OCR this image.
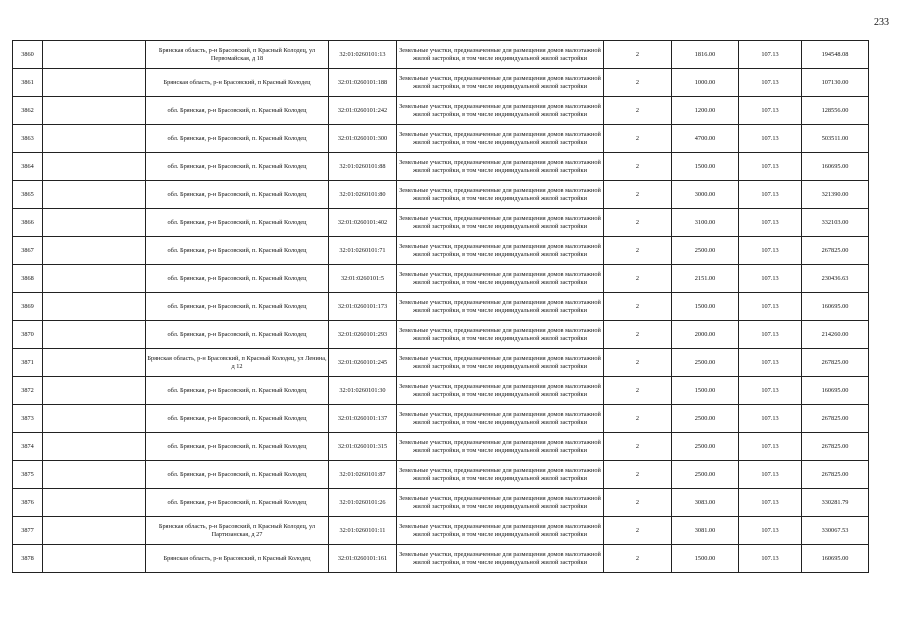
233
3860		Брянская область, р-н Брасовский, п Красный Колодец, ул Первомайская, д 18	32:01:0260101:13	Земельные участки, предназначенные для размещения домов малоэтажной жилой застройки, в том числе индивидуальной жилой застройки	2	1816.00	107.13	194548.08
3861		Брянская область, р-н Брасовский, п Красный Колодец	32:01:0260101:188	Земельные участки, предназначенные для размещения домов малоэтажной жилой застройки, в том числе индивидуальной жилой застройки	2	1000.00	107.13	107130.00
3862		обл. Брянская, р-н Брасовский, п. Красный Колодец	32:01:0260101:242	Земельные участки, предназначенные для размещения домов малоэтажной жилой застройки, в том числе индивидуальной жилой застройки	2	1200.00	107.13	128556.00
3863		обл. Брянская, р-н Брасовский, п. Красный Колодец	32:01:0260101:300	Земельные участки, предназначенные для размещения домов малоэтажной жилой застройки, в том числе индивидуальной жилой застройки	2	4700.00	107.13	503511.00
3864		обл. Брянская, р-н Брасовский, п. Красный Колодец	32:01:0260101:88	Земельные участки, предназначенные для размещения домов малоэтажной жилой застройки, в том числе индивидуальной жилой застройки	2	1500.00	107.13	160695.00
3865		обл. Брянская, р-н Брасовский, п. Красный Колодец	32:01:0260101:80	Земельные участки, предназначенные для размещения домов малоэтажной жилой застройки, в том числе индивидуальной жилой застройки	2	3000.00	107.13	321390.00
3866		обл. Брянская, р-н Брасовский, п. Красный Колодец	32:01:0260101:402	Земельные участки, предназначенные для размещения домов малоэтажной жилой застройки, в том числе индивидуальной жилой застройки	2	3100.00	107.13	332103.00
3867		обл. Брянская, р-н Брасовский, п. Красный Колодец	32:01:0260101:71	Земельные участки, предназначенные для размещения домов малоэтажной жилой застройки, в том числе индивидуальной жилой застройки	2	2500.00	107.13	267825.00
3868		обл. Брянская, р-н Брасовский, п. Красный Колодец	32:01:0260101:5	Земельные участки, предназначенные для размещения домов малоэтажной жилой застройки, в том числе индивидуальной жилой застройки	2	2151.00	107.13	230436.63
3869		обл. Брянская, р-н Брасовский, п. Красный Колодец	32:01:0260101:173	Земельные участки, предназначенные для размещения домов малоэтажной жилой застройки, в том числе индивидуальной жилой застройки	2	1500.00	107.13	160695.00
3870		обл. Брянская, р-н Брасовский, п. Красный Колодец	32:01:0260101:293	Земельные участки, предназначенные для размещения домов малоэтажной жилой застройки, в том числе индивидуальной жилой застройки	2	2000.00	107.13	214260.00
3871		Брянская область, р-н Брасовский, п Красный Колодец, ул Ленина, д 12	32:01:0260101:245	Земельные участки, предназначенные для размещения домов малоэтажной жилой застройки, в том числе индивидуальной жилой застройки	2	2500.00	107.13	267825.00
3872		обл. Брянская, р-н Брасовский, п. Красный Колодец	32:01:0260101:30	Земельные участки, предназначенные для размещения домов малоэтажной жилой застройки, в том числе индивидуальной жилой застройки	2	1500.00	107.13	160695.00
3873		обл. Брянская, р-н Брасовский, п. Красный Колодец	32:01:0260101:137	Земельные участки, предназначенные для размещения домов малоэтажной жилой застройки, в том числе индивидуальной жилой застройки	2	2500.00	107.13	267825.00
3874		обл. Брянская, р-н Брасовский, п. Красный Колодец	32:01:0260101:315	Земельные участки, предназначенные для размещения домов малоэтажной жилой застройки, в том числе индивидуальной жилой застройки	2	2500.00	107.13	267825.00
3875		обл. Брянская, р-н Брасовский, п. Красный Колодец	32:01:0260101:87	Земельные участки, предназначенные для размещения домов малоэтажной жилой застройки, в том числе индивидуальной жилой застройки	2	2500.00	107.13	267825.00
3876		обл. Брянская, р-н Брасовский, п. Красный Колодец	32:01:0260101:26	Земельные участки, предназначенные для размещения домов малоэтажной жилой застройки, в том числе индивидуальной жилой застройки	2	3083.00	107.13	330281.79
3877		Брянская область, р-н Брасовский, п Красный Колодец, ул Партизанская, д 27	32:01:0260101:11	Земельные участки, предназначенные для размещения домов малоэтажной жилой застройки, в том числе индивидуальной жилой застройки	2	3081.00	107.13	330067.53
3878		Брянская область, р-н Брасовский, п Красный Колодец	32:01:0260101:161	Земельные участки, предназначенные для размещения домов малоэтажной жилой застройки, в том числе индивидуальной жилой застройки	2	1500.00	107.13	160695.00
